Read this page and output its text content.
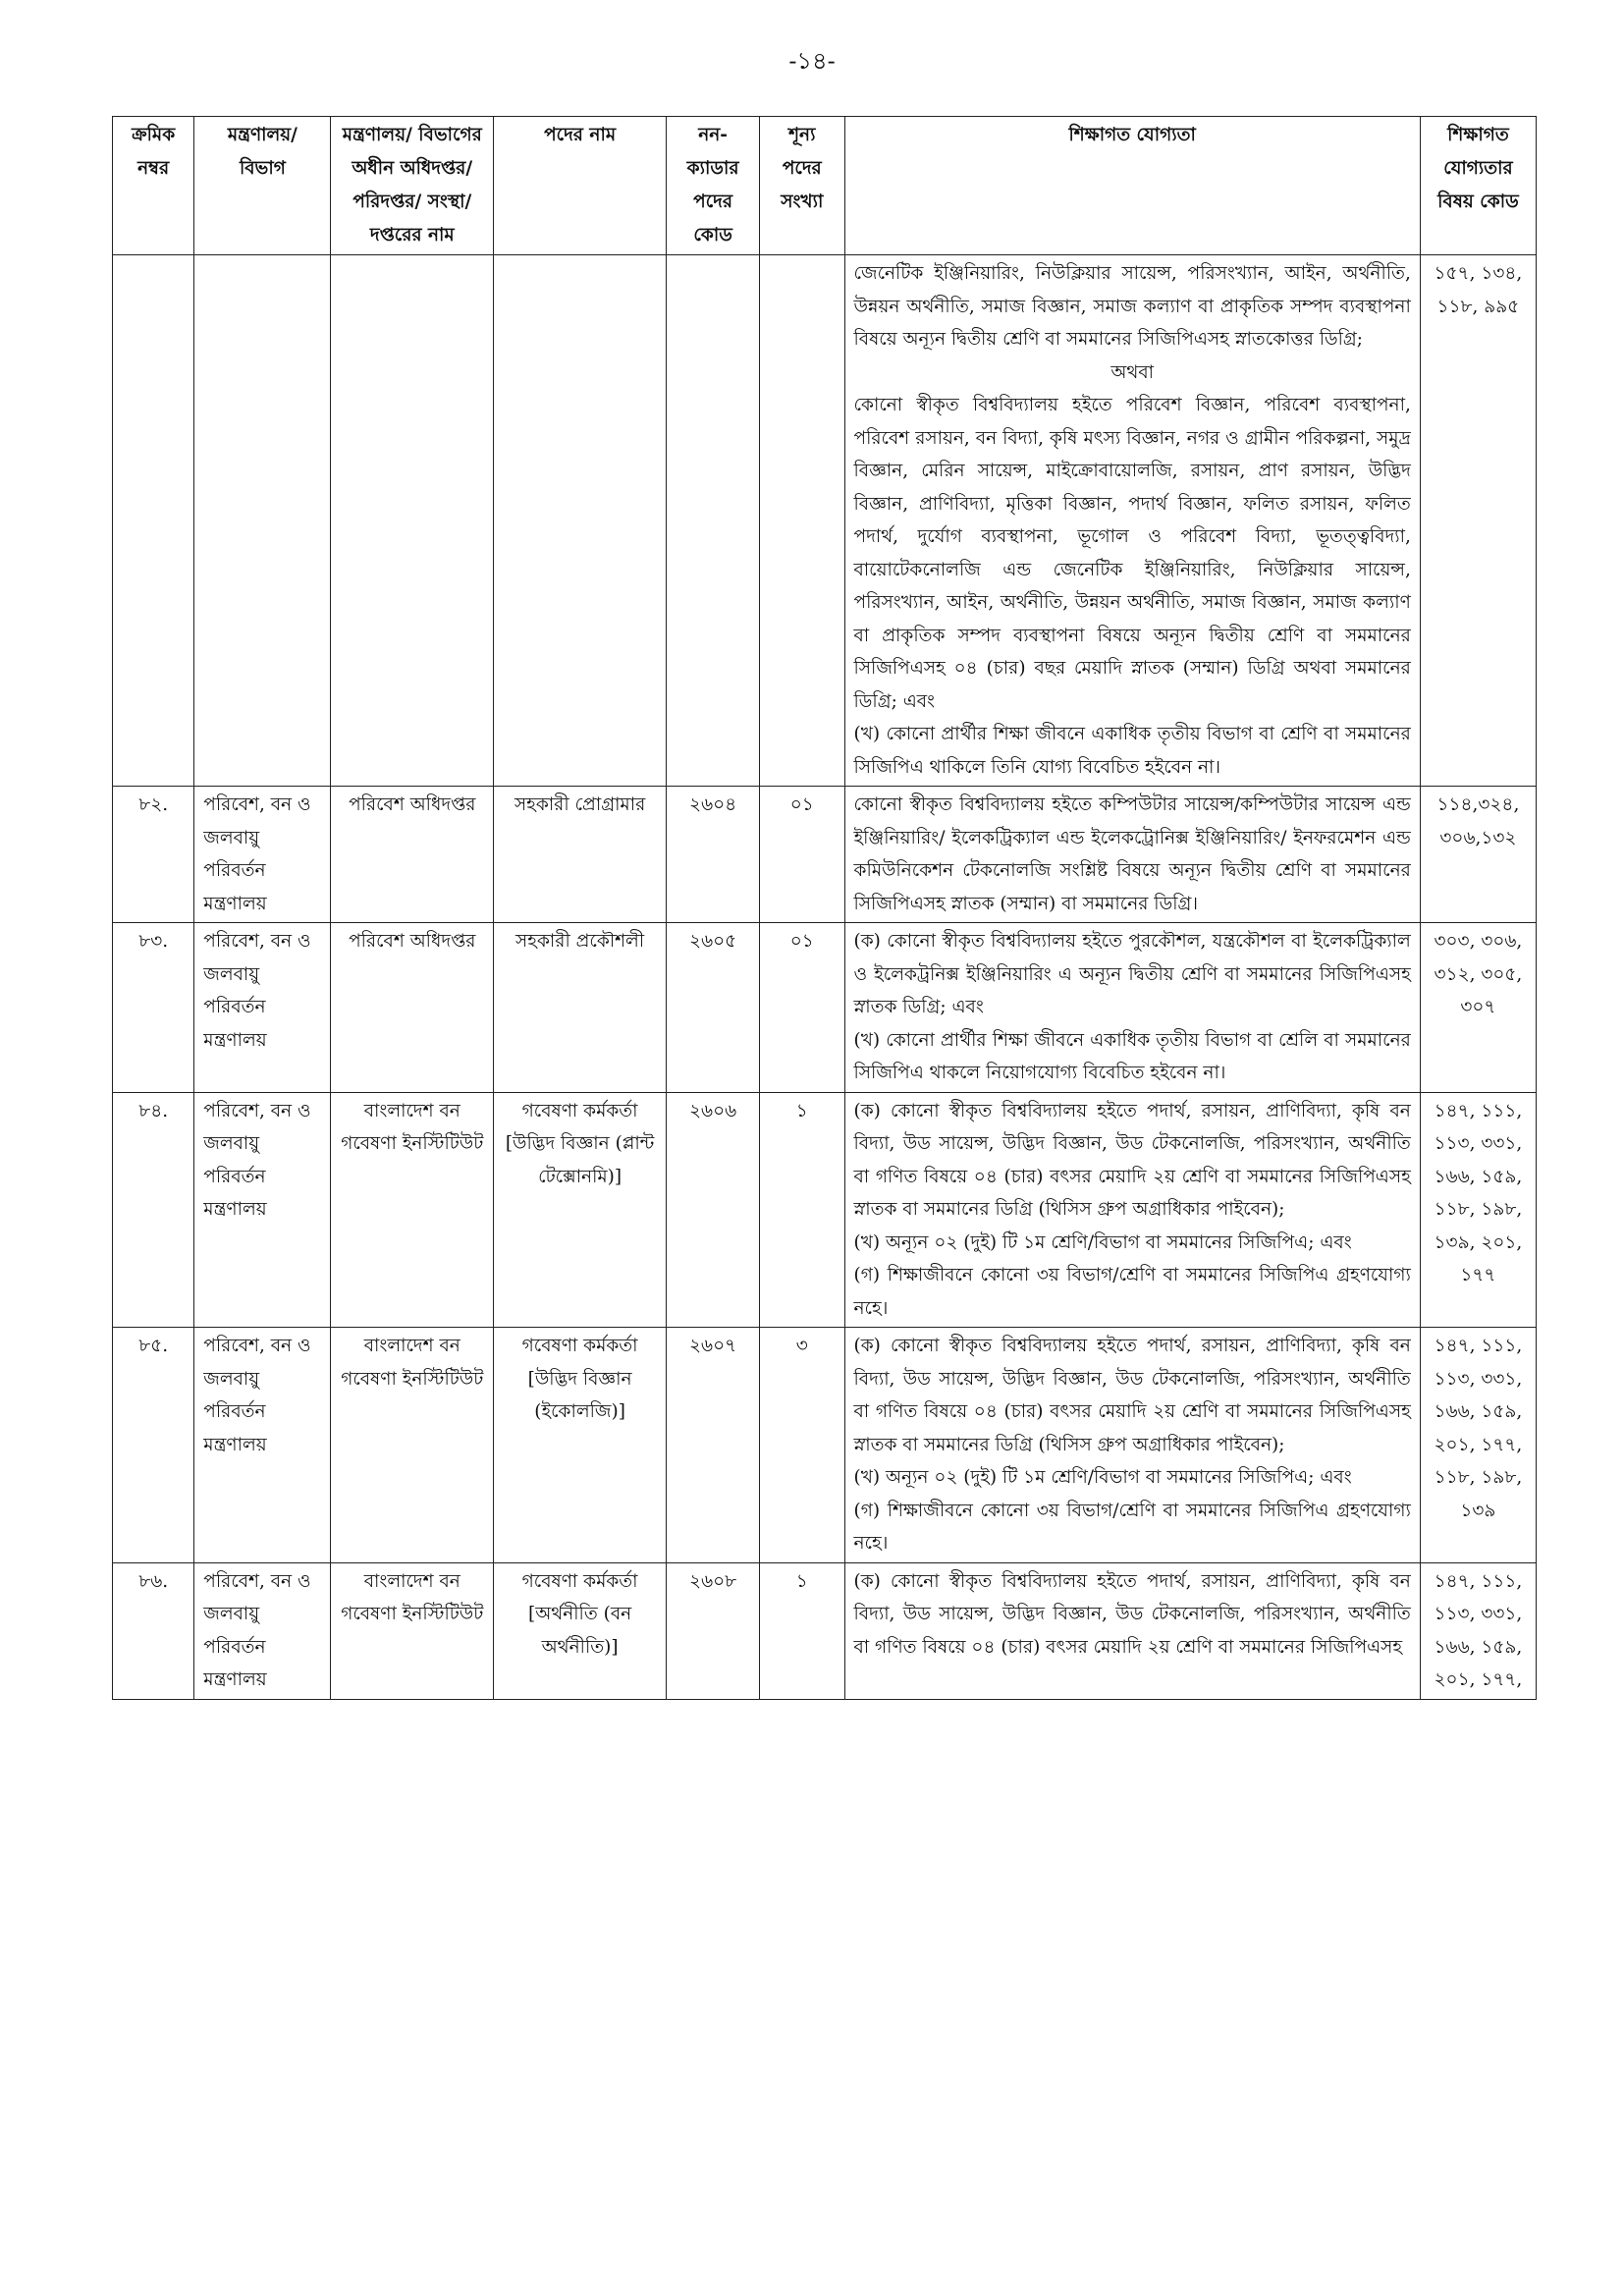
-১৪-
ক্রমিক নম্বর	মন্ত্রণালয়/ বিভাগ	মন্ত্রণালয়/ বিভাগের অধীন অধিদপ্তর/ পরিদপ্তর/ সংস্থা/ দপ্তরের নাম	পদের নাম	নন-ক্যাডার পদের কোড	শূন্য পদের সংখ্যা	শিক্ষাগত যোগ্যতা	শিক্ষাগত যোগ্যতার বিষয় কোড

						জেনেটিক ইঞ্জিনিয়ারিং, নিউক্লিয়ার সায়েন্স, পরিসংখ্যান, আইন, অর্থনীতি, উন্নয়ন অর্থনীতি, সমাজ বিজ্ঞান, সমাজ কল্যাণ বা প্রাকৃতিক সম্পদ ব্যবস্থাপনা বিষয়ে অন্যূন দ্বিতীয় শ্রেণি বা সমমানের সিজিপিএসহ স্নাতকোত্তর ডিগ্রি;
অথবা
কোনো স্বীকৃত বিশ্ববিদ্যালয় হইতে পরিবেশ বিজ্ঞান, পরিবেশ ব্যবস্থাপনা, পরিবেশ রসায়ন, বন বিদ্যা, কৃষি মৎস্য বিজ্ঞান, নগর ও গ্রামীন পরিকল্পনা, সমুদ্র বিজ্ঞান, মেরিন সায়েন্স, মাইক্রোবায়োলজি, রসায়ন, প্রাণ রসায়ন, উদ্ভিদ বিজ্ঞান, প্রাণিবিদ্যা, মৃত্তিকা বিজ্ঞান, পদার্থ বিজ্ঞান, ফলিত রসায়ন, ফলিত পদার্থ, দুর্যোগ ব্যবস্থাপনা, ভূগোল ও পরিবেশ বিদ্যা, ভূতত্ত্ববিদ্যা, বায়োটেকনোলজি এন্ড জেনেটিক ইঞ্জিনিয়ারিং, নিউক্লিয়ার সায়েন্স, পরিসংখ্যান, আইন, অর্থনীতি, উন্নয়ন অর্থনীতি, সমাজ বিজ্ঞান, সমাজ কল্যাণ বা প্রাকৃতিক সম্পদ ব্যবস্থাপনা বিষয়ে অন্যূন দ্বিতীয় শ্রেণি বা সমমানের সিজিপিএসহ ০৪ (চার) বছর মেয়াদি স্নাতক (সম্মান) ডিগ্রি অথবা সমমানের ডিগ্রি; এবং
(খ) কোনো প্রার্থীর শিক্ষা জীবনে একাধিক তৃতীয় বিভাগ বা শ্রেণি বা সমমানের সিজিপিএ থাকিলে তিনি যোগ্য বিবেচিত হইবেন না।	১৫৭, ১৩৪, ১১৮, ৯৯৫
৮২.	পরিবেশ, বন ও জলবায়ু পরিবর্তন মন্ত্রণালয়	পরিবেশ অধিদপ্তর	সহকারী প্রোগ্রামার	২৬০৪	০১	কোনো স্বীকৃত বিশ্ববিদ্যালয় হইতে কম্পিউটার সায়েন্স/কম্পিউটার সায়েন্স এন্ড ইঞ্জিনিয়ারিং/ ইলেকট্রিক্যাল এন্ড ইলেকট্রোনিক্স ইঞ্জিনিয়ারিং/ ইনফরমেশন এন্ড কমিউনিকেশন টেকনোলজি সংশ্লিষ্ট বিষয়ে অন্যূন দ্বিতীয় শ্রেণি বা সমমানের সিজিপিএসহ স্নাতক (সম্মান) বা সমমানের ডিগ্রি।	১১৪,৩২৪, ৩০৬,১৩২
৮৩.	পরিবেশ, বন ও জলবায়ু পরিবর্তন মন্ত্রণালয়	পরিবেশ অধিদপ্তর	সহকারী প্রকৌশলী	২৬০৫	০১	(ক) কোনো স্বীকৃত বিশ্ববিদ্যালয় হইতে পুরকৌশল, যন্ত্রকৌশল বা ইলেকট্রিক্যাল ও ইলেকট্রনিক্স ইঞ্জিনিয়ারিং এ অন্যূন দ্বিতীয় শ্রেণি বা সমমানের সিজিপিএসহ স্নাতক ডিগ্রি; এবং
(খ) কোনো প্রার্থীর শিক্ষা জীবনে একাধিক তৃতীয় বিভাগ বা শ্রেলি বা সমমানের সিজিপিএ থাকলে নিয়োগযোগ্য বিবেচিত হইবেন না।	৩০৩, ৩০৬, ৩১২, ৩০৫, ৩০৭
৮৪.	পরিবেশ, বন ও জলবায়ু পরিবর্তন মন্ত্রণালয়	বাংলাদেশ বন গবেষণা ইনস্টিটিউট	গবেষণা কর্মকর্তা [উদ্ভিদ বিজ্ঞান (প্লান্ট টেক্সোনমি)]	২৬০৬	১	(ক) কোনো স্বীকৃত বিশ্ববিদ্যালয় হইতে পদার্থ, রসায়ন, প্রাণিবিদ্যা, কৃষি বন বিদ্যা, উড সায়েন্স, উদ্ভিদ বিজ্ঞান, উড টেকনোলজি, পরিসংখ্যান, অর্থনীতি বা গণিত বিষয়ে ০৪ (চার) বৎসর মেয়াদি ২য় শ্রেণি বা সমমানের সিজিপিএসহ স্নাতক বা সমমানের ডিগ্রি (থিসিস গ্রুপ অগ্রাধিকার পাইবেন);
(খ) অন্যূন ০২ (দুই) টি ১ম শ্রেণি/বিভাগ বা সমমানের সিজিপিএ; এবং
(গ) শিক্ষাজীবনে কোনো ৩য় বিভাগ/শ্রেণি বা সমমানের সিজিপিএ গ্রহণযোগ্য নহে।	১৪৭, ১১১, ১১৩, ৩৩১, ১৬৬, ১৫৯, ১১৮, ১৯৮, ১৩৯, ২০১, ১৭৭
৮৫.	পরিবেশ, বন ও জলবায়ু পরিবর্তন মন্ত্রণালয়	বাংলাদেশ বন গবেষণা ইনস্টিটিউট	গবেষণা কর্মকর্তা [উদ্ভিদ বিজ্ঞান (ইকোলজি)]	২৬০৭	৩	(ক) কোনো স্বীকৃত বিশ্ববিদ্যালয় হইতে পদার্থ, রসায়ন, প্রাণিবিদ্যা, কৃষি বন বিদ্যা, উড সায়েন্স, উদ্ভিদ বিজ্ঞান, উড টেকনোলজি, পরিসংখ্যান, অর্থনীতি বা গণিত বিষয়ে ০৪ (চার) বৎসর মেয়াদি ২য় শ্রেণি বা সমমানের সিজিপিএসহ স্নাতক বা সমমানের ডিগ্রি (থিসিস গ্রুপ অগ্রাধিকার পাইবেন);
(খ) অন্যূন ০২ (দুই) টি ১ম শ্রেণি/বিভাগ বা সমমানের সিজিপিএ; এবং
(গ) শিক্ষাজীবনে কোনো ৩য় বিভাগ/শ্রেণি বা সমমানের সিজিপিএ গ্রহণযোগ্য নহে।	১৪৭, ১১১, ১১৩, ৩৩১, ১৬৬, ১৫৯, ২০১, ১৭৭, ১১৮, ১৯৮, ১৩৯
৮৬.	পরিবেশ, বন ও জলবায়ু পরিবর্তন মন্ত্রণালয়	বাংলাদেশ বন গবেষণা ইনস্টিটিউট	গবেষণা কর্মকর্তা [অর্থনীতি (বন অর্থনীতি)]	২৬০৮	১	(ক) কোনো স্বীকৃত বিশ্ববিদ্যালয় হইতে পদার্থ, রসায়ন, প্রাণিবিদ্যা, কৃষি বন বিদ্যা, উড সায়েন্স, উদ্ভিদ বিজ্ঞান, উড টেকনোলজি, পরিসংখ্যান, অর্থনীতি বা গণিত বিষয়ে ০৪ (চার) বৎসর মেয়াদি ২য় শ্রেণি বা সমমানের সিজিপিএসহ	১৪৭, ১১১, ১১৩, ৩৩১, ১৬৬, ১৫৯, ২০১, ১৭৭,
